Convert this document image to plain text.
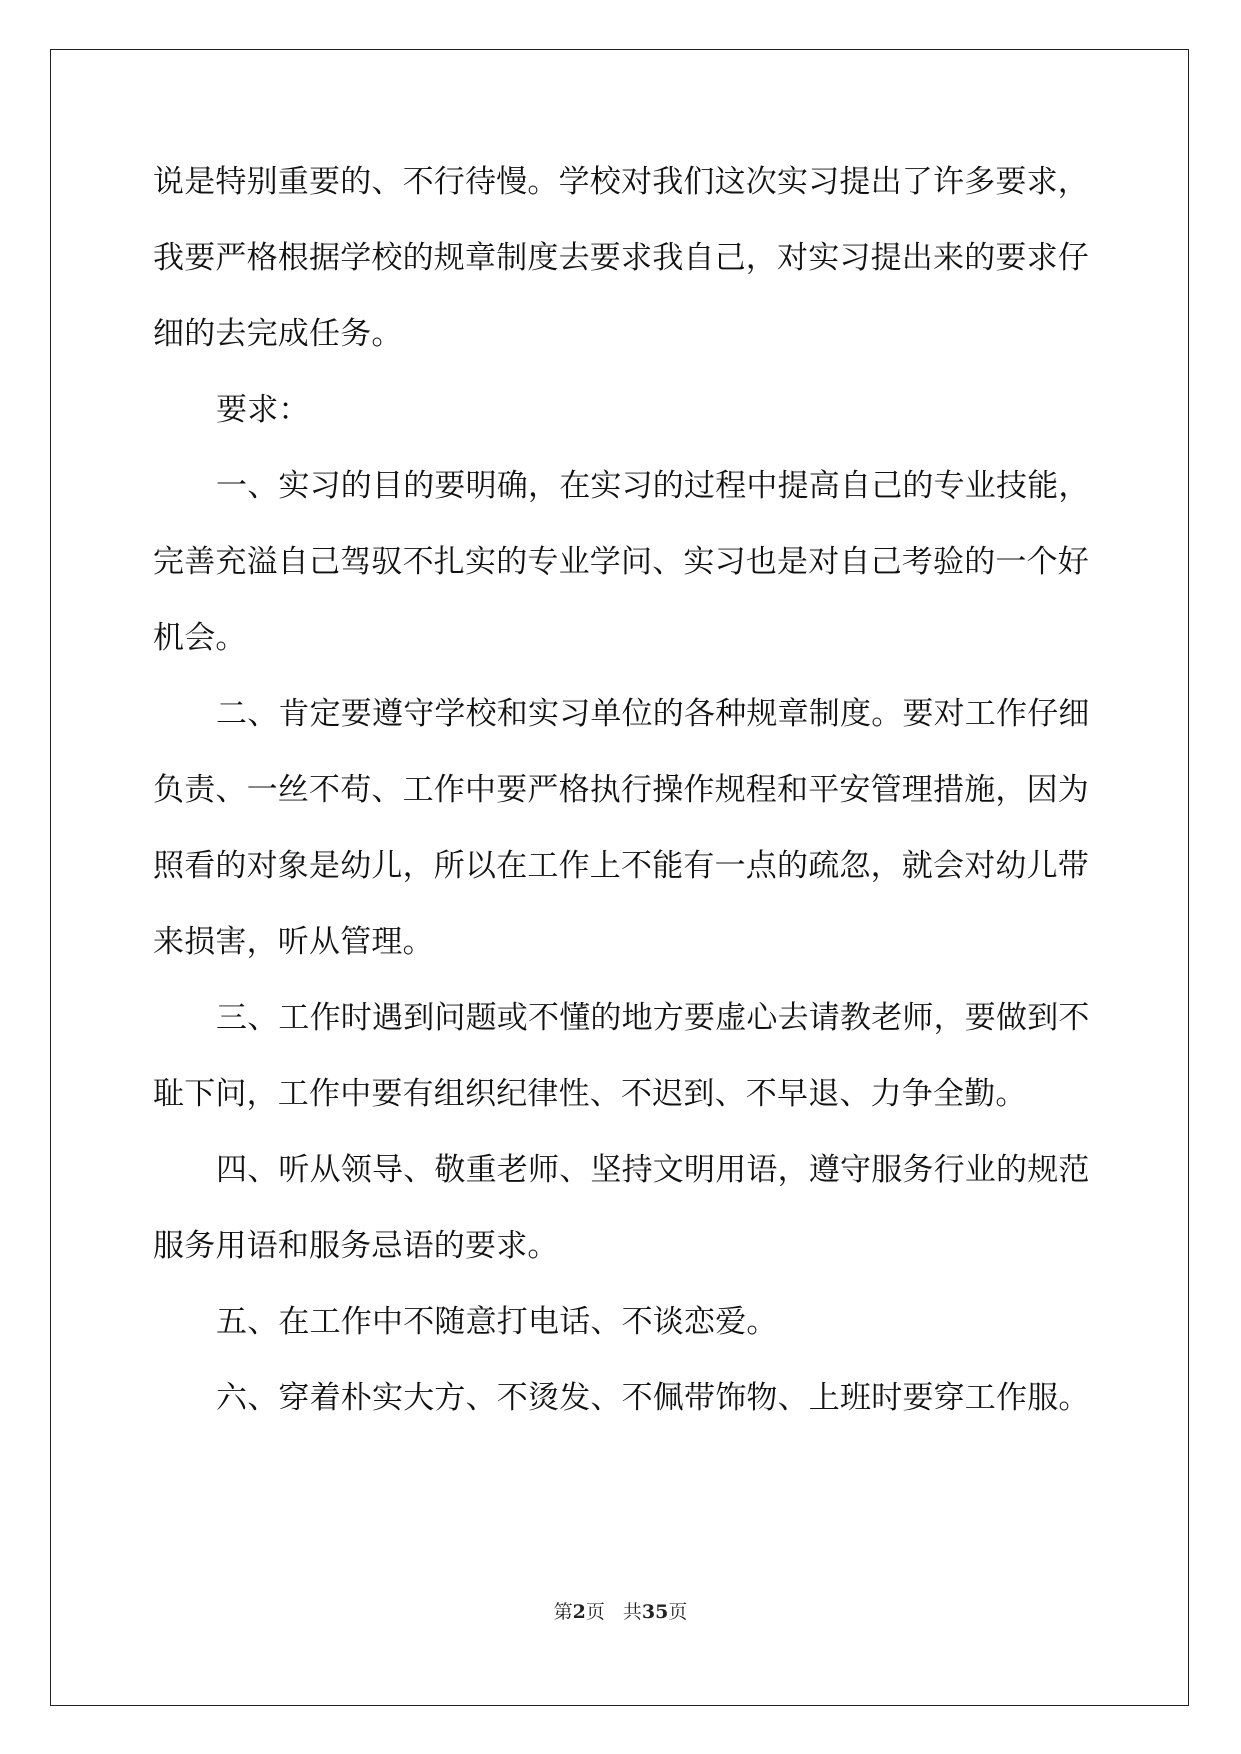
说是特别重要的、不行待慢。学校对我们这次实习提出了许多要求，
我要严格根据学校的规章制度去要求我自己，对实习提出来的要求仔
细的去完成任务。
要求：
一、实习的目的要明确，在实习的过程中提高自己的专业技能，
完善充溢自己驾驭不扎实的专业学问、实习也是对自己考验的一个好
机会。
二、肯定要遵守学校和实习单位的各种规章制度。要对工作仔细
负责、一丝不苟、工作中要严格执行操作规程和平安管理措施，因为
照看的对象是幼儿，所以在工作上不能有一点的疏忽，就会对幼儿带
来损害，听从管理。
三、工作时遇到问题或不懂的地方要虚心去请教老师，要做到不
耻下问，工作中要有组织纪律性、不迟到、不早退、力争全勤。
四、听从领导、敬重老师、坚持文明用语，遵守服务行业的规范
服务用语和服务忌语的要求。
五、在工作中不随意打电话、不谈恋爱。
六、穿着朴实大方、不烫发、不佩带饰物、上班时要穿工作服。
第2页 共35页
